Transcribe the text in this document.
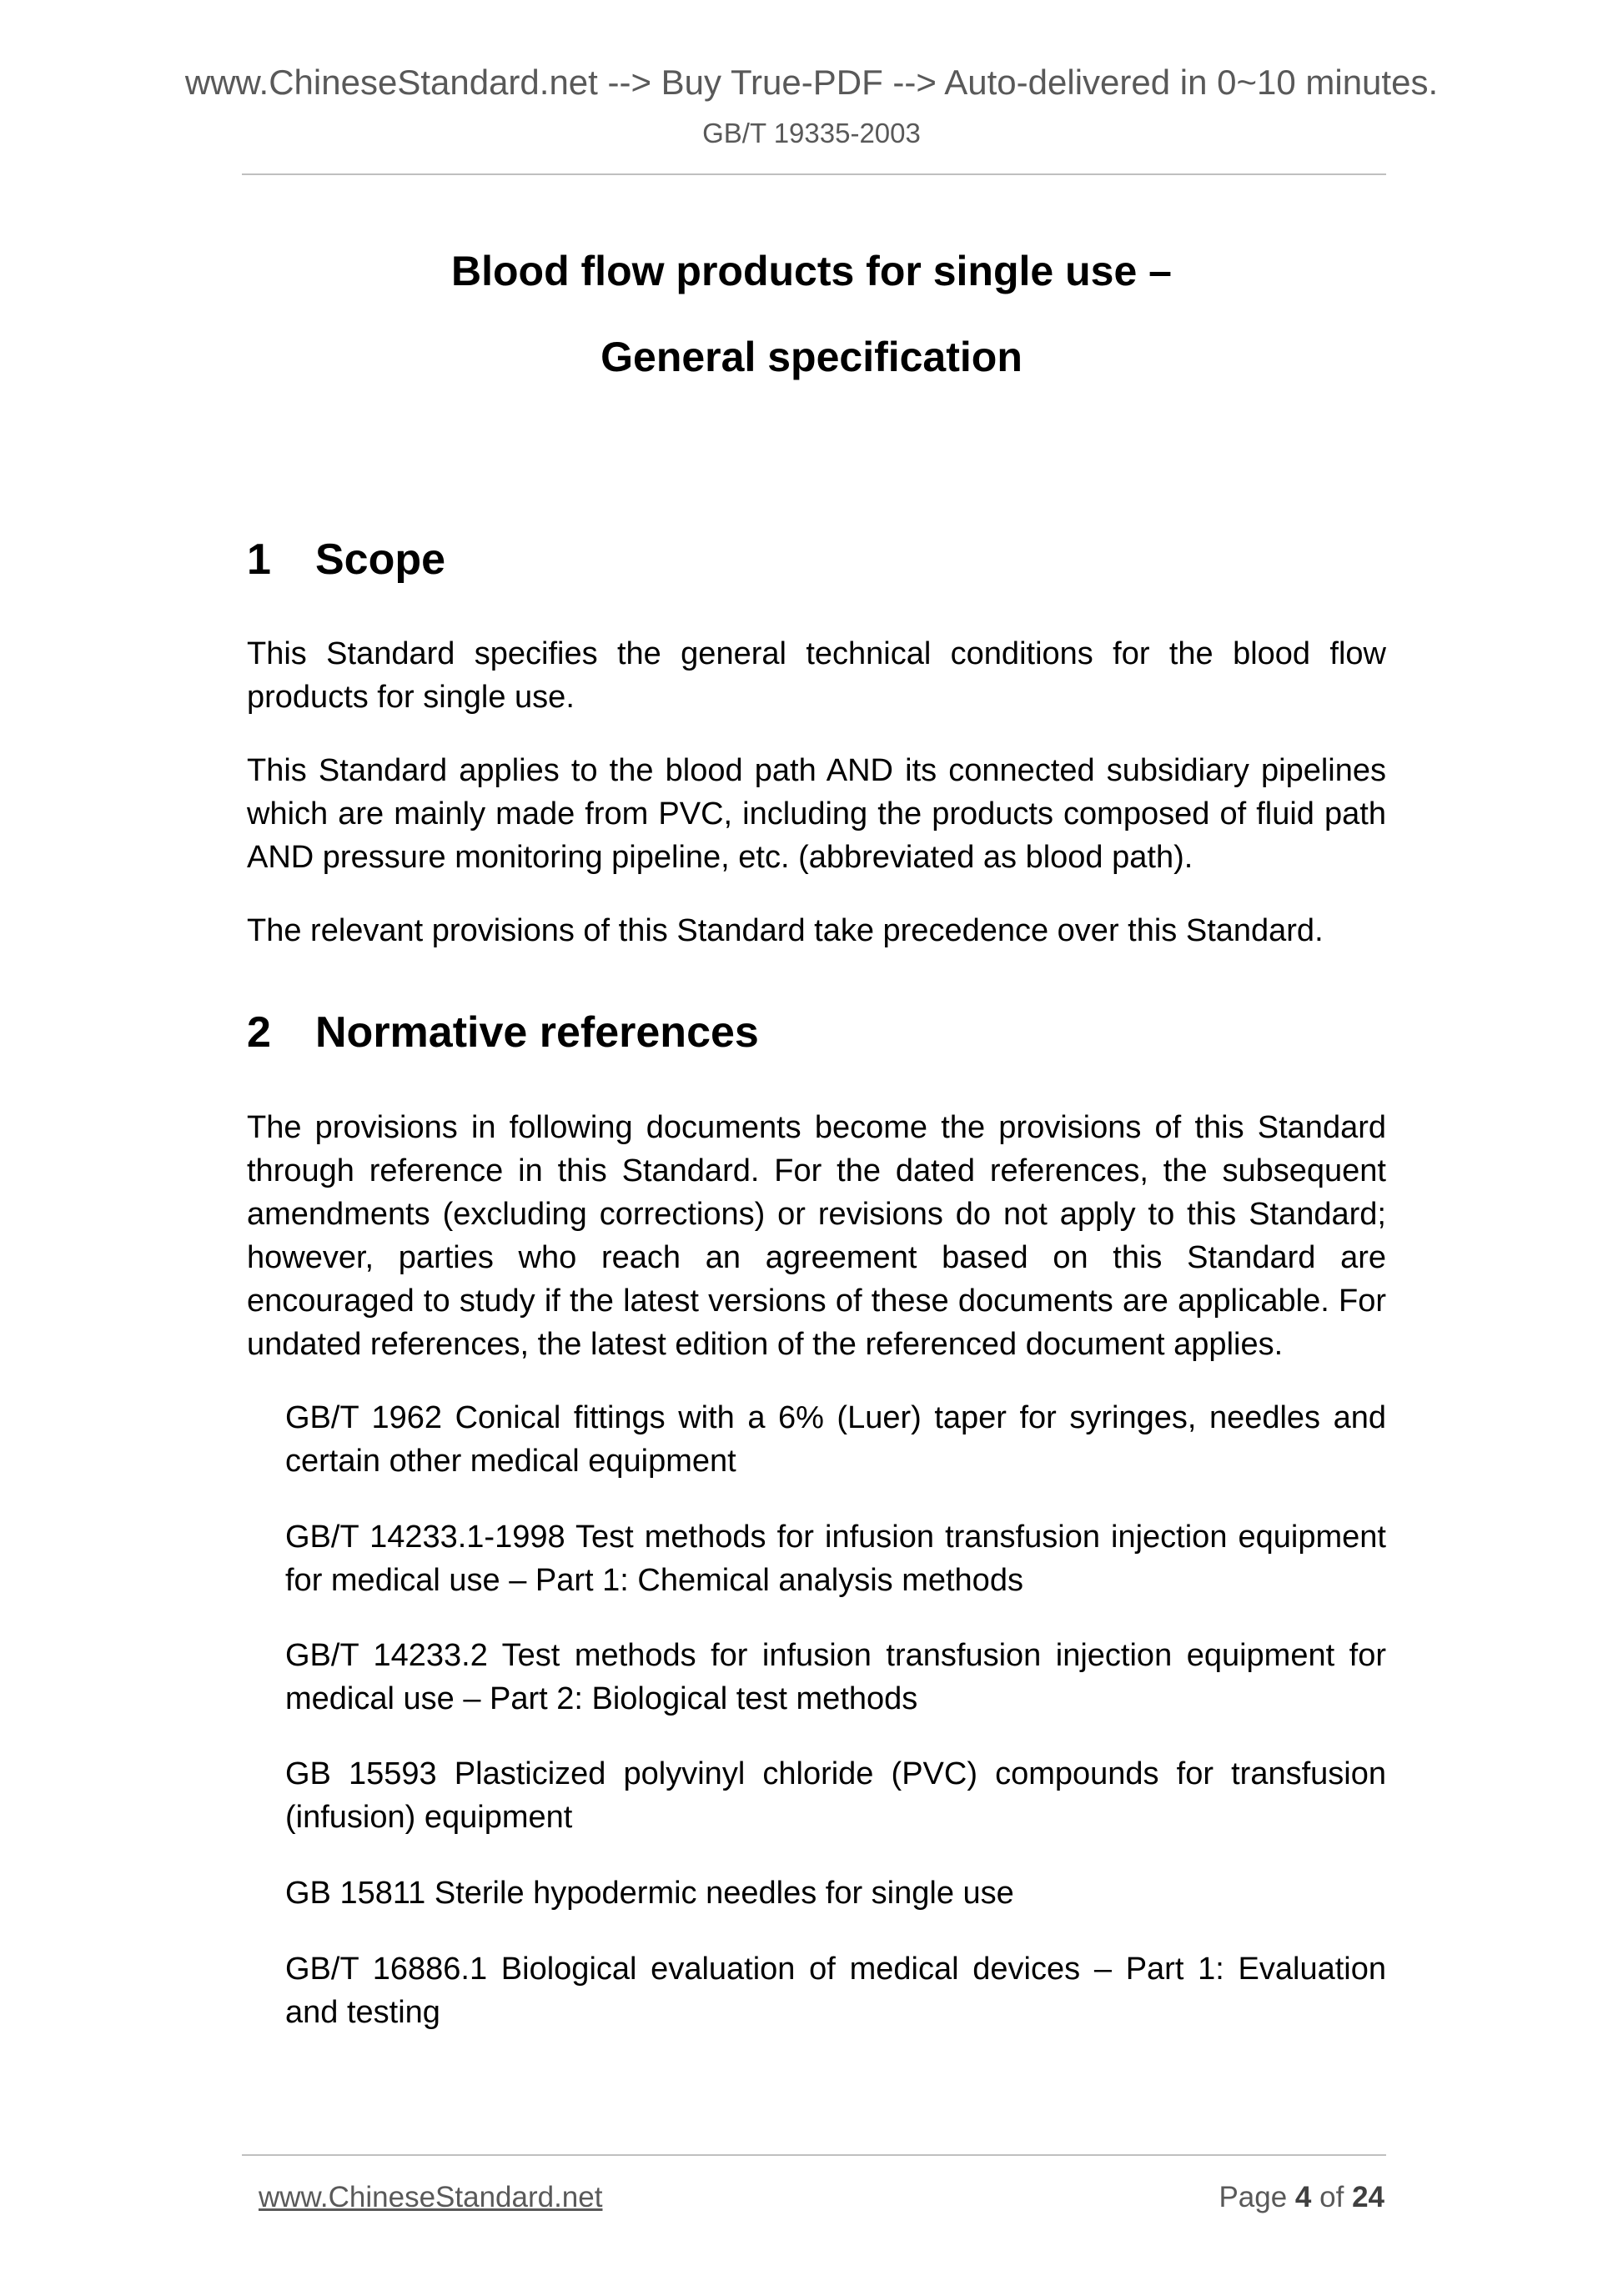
www.ChineseStandard.net --> Buy True-PDF --> Auto-delivered in 0~10 minutes.
GB/T 19335-2003
Blood flow products for single use –
General specification
1 Scope
This Standard specifies the general technical conditions for the blood flow products for single use.
This Standard applies to the blood path AND its connected subsidiary pipelines which are mainly made from PVC, including the products composed of fluid path AND pressure monitoring pipeline, etc. (abbreviated as blood path).
The relevant provisions of this Standard take precedence over this Standard.
2 Normative references
The provisions in following documents become the provisions of this Standard through reference in this Standard. For the dated references, the subsequent amendments (excluding corrections) or revisions do not apply to this Standard; however, parties who reach an agreement based on this Standard are encouraged to study if the latest versions of these documents are applicable. For undated references, the latest edition of the referenced document applies.
GB/T 1962 Conical fittings with a 6% (Luer) taper for syringes, needles and certain other medical equipment
GB/T 14233.1-1998 Test methods for infusion transfusion injection equipment for medical use – Part 1: Chemical analysis methods
GB/T 14233.2 Test methods for infusion transfusion injection equipment for medical use – Part 2: Biological test methods
GB 15593 Plasticized polyvinyl chloride (PVC) compounds for transfusion (infusion) equipment
GB 15811 Sterile hypodermic needles for single use
GB/T 16886.1 Biological evaluation of medical devices – Part 1: Evaluation and testing
www.ChineseStandard.net	Page 4 of 24
